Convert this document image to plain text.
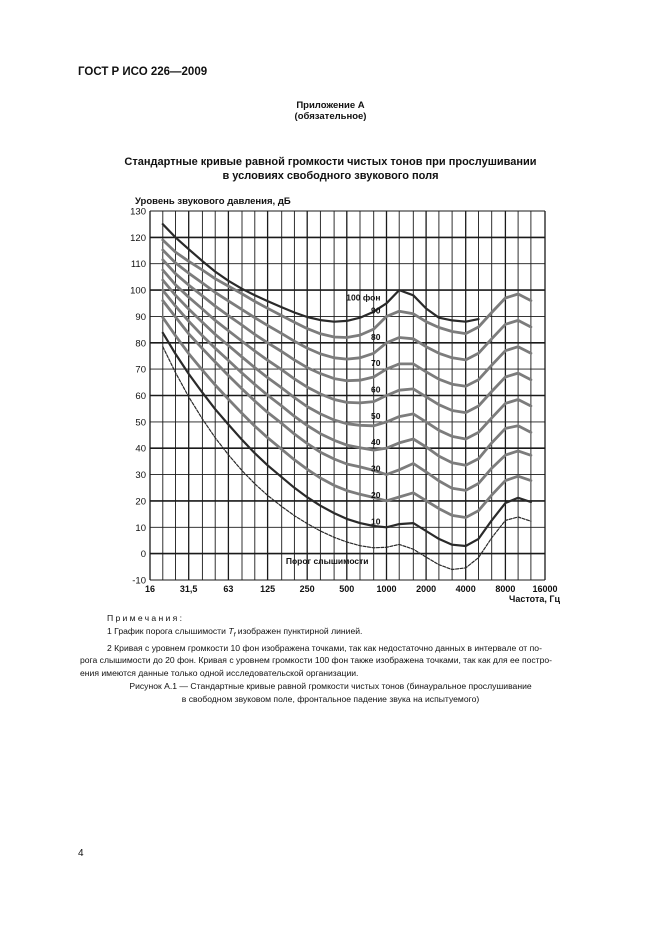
ГОСТ Р ИСО 226—2009
Приложение А
(обязательное)
Стандартные кривые равной громкости чистых тонов при прослушивании
в условиях свободного звукового поля
-10
0
10
20
30
40
50
60
70
80
90
100
110
120
130
16	31,5	63	125	250	500 1000 2000 4000 8000 16000
Уровень звукового давления, дБ
Частота, Гц
10
20
30
40
50
60
70
80
90
100 фон
Порог слышимости
Примечания:
1 График порога слышимости $T_f$ изображен пунктирной линией.
2 Кривая с уровнем громкости 10 фон изображена точками, так как недостаточно данных в интервале от по-
рога слышимости до 20 фон. Кривая с уровнем громкости 100 фон также изображена точками, так как для ее постро-
ения имеются данные только одной исследовательской организации.
Рисунок А.1 — Стандартные кривые равной громкости чистых тонов (бинауральное прослушивание
в свободном звуковом поле, фронтальное падение звука на испытуемого)
4
